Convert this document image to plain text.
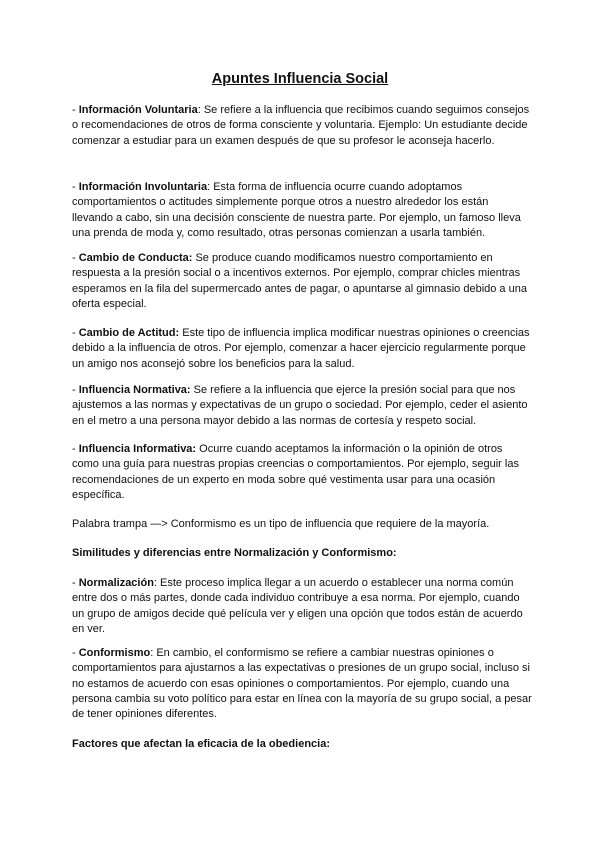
Apuntes Influencia Social

- Información Voluntaria: Se refiere a la influencia que recibimos cuando seguimos consejos o recomendaciones de otros de forma consciente y voluntaria. Ejemplo: Un estudiante decide comenzar a estudiar para un examen después de que su profesor le aconseja hacerlo.

- Información Involuntaria: Esta forma de influencia ocurre cuando adoptamos comportamientos o actitudes simplemente porque otros a nuestro alrededor los están llevando a cabo, sin una decisión consciente de nuestra parte. Por ejemplo, un famoso lleva una prenda de moda y, como resultado, otras personas comienzan a usarla también.

- Cambio de Conducta: Se produce cuando modificamos nuestro comportamiento en respuesta a la presión social o a incentivos externos. Por ejemplo, comprar chicles mientras esperamos en la fila del supermercado antes de pagar, o apuntarse al gimnasio debido a una oferta especial.

- Cambio de Actitud: Este tipo de influencia implica modificar nuestras opiniones o creencias debido a la influencia de otros. Por ejemplo, comenzar a hacer ejercicio regularmente porque un amigo nos aconsejó sobre los beneficios para la salud.

- Influencia Normativa: Se refiere a la influencia que ejerce la presión social para que nos ajustemos a las normas y expectativas de un grupo o sociedad. Por ejemplo, ceder el asiento en el metro a una persona mayor debido a las normas de cortesía y respeto social.

- Influencia Informativa: Ocurre cuando aceptamos la información o la opinión de otros como una guía para nuestras propias creencias o comportamientos. Por ejemplo, seguir las recomendaciones de un experto en moda sobre qué vestimenta usar para una ocasión específica.

Palabra trampa —> Conformismo es un tipo de influencia que requiere de la mayoría.

Similitudes y diferencias entre Normalización y Conformismo:

- Normalización: Este proceso implica llegar a un acuerdo o establecer una norma común entre dos o más partes, donde cada individuo contribuye a esa norma. Por ejemplo, cuando un grupo de amigos decide qué película ver y eligen una opción que todos están de acuerdo en ver.

- Conformismo: En cambio, el conformismo se refiere a cambiar nuestras opiniones o comportamientos para ajustarnos a las expectativas o presiones de un grupo social, incluso si no estamos de acuerdo con esas opiniones o comportamientos. Por ejemplo, cuando una persona cambia su voto político para estar en línea con la mayoría de su grupo social, a pesar de tener opiniones diferentes.

Factores que afectan la eficacia de la obediencia:
